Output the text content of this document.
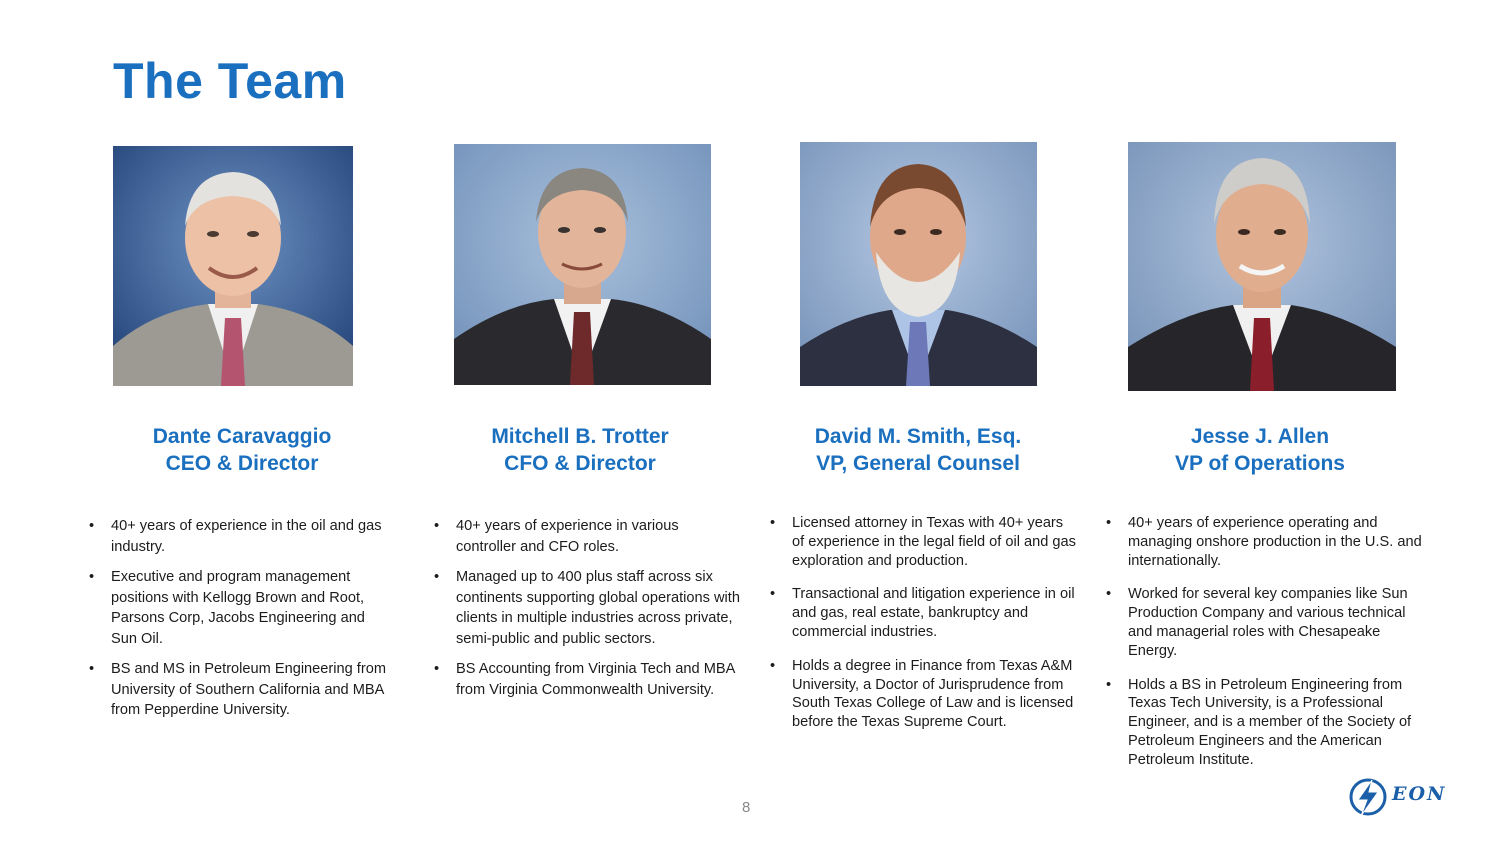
The Team
Dante Caravaggio
CEO & Director
• 40+ years of experience in the oil and gas industry.
• Executive and program management positions with Kellogg Brown and Root, Parsons Corp, Jacobs Engineering and Sun Oil.
• BS and MS in Petroleum Engineering from University of Southern California and MBA from Pepperdine University.
Mitchell B. Trotter
CFO & Director
• 40+ years of experience in various controller and CFO roles.
• Managed up to 400 plus staff across six continents supporting global operations with clients in multiple industries across private, semi-public and public sectors.
• BS Accounting from Virginia Tech and MBA from Virginia Commonwealth University.
David M. Smith, Esq.
VP, General Counsel
• Licensed attorney in Texas with 40+ years of experience in the legal field of oil and gas exploration and production.
• Transactional and litigation experience in oil and gas, real estate, bankruptcy and commercial industries.
• Holds a degree in Finance from Texas A&M University, a Doctor of Jurisprudence from South Texas College of Law and is licensed before the Texas Supreme Court.
Jesse J. Allen
VP of Operations
• 40+ years of experience operating and managing onshore production in the U.S. and internationally.
• Worked for several key companies like Sun Production Company and various technical and managerial roles with Chesapeake Energy.
• Holds a BS in Petroleum Engineering from Texas Tech University, is a Professional Engineer, and is a member of the Society of Petroleum Engineers and the American Petroleum Institute.
8
EON
